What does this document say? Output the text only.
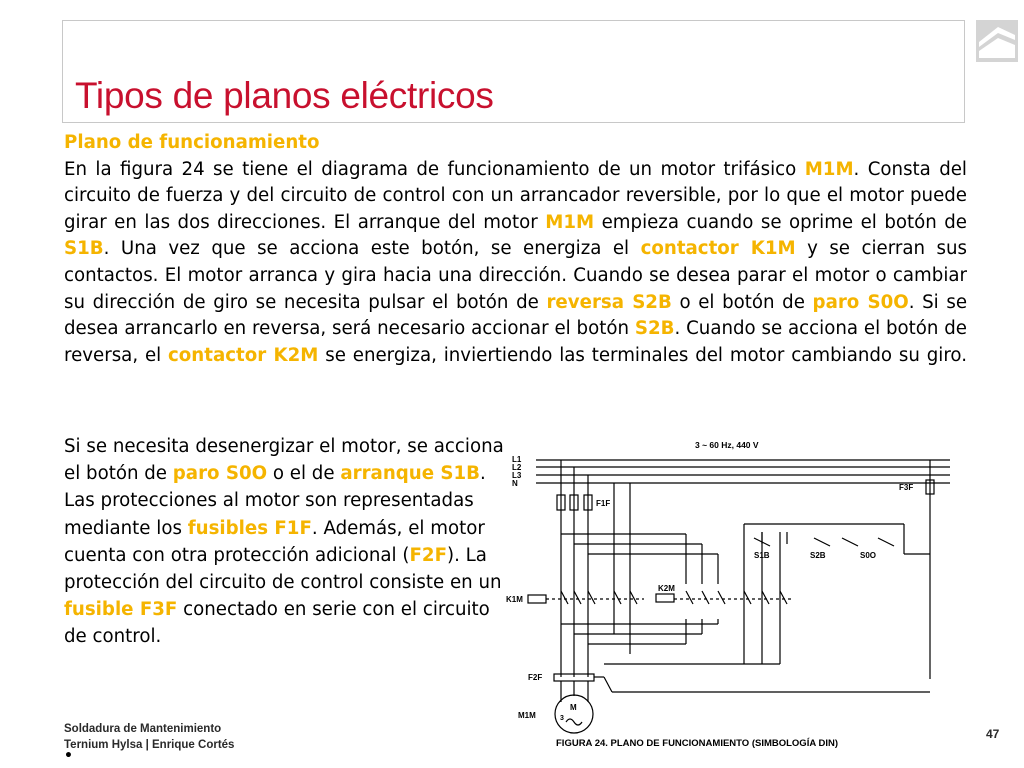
Tipos de planos eléctricos

Plano de funcionamiento

En la figura 24 se tiene el diagrama de funcionamiento de un motor trifásico M1M. Consta del circuito de fuerza y del circuito de control con un arrancador reversible, por lo que el motor puede girar en las dos direcciones. El arranque del motor M1M empieza cuando se oprime el botón de S1B. Una vez que se acciona este botón, se energiza el contactor K1M y se cierran sus contactos. El motor arranca y gira hacia una dirección. Cuando se desea parar el motor o cambiar su dirección de giro se necesita pulsar el botón de reversa S2B o el botón de paro S0O. Si se desea arrancarlo en reversa, será necesario accionar el botón S2B. Cuando se acciona el botón de reversa, el contactor K2M se energiza, inviertiendo las terminales del motor cambiando su giro.

Si se necesita desenergizar el motor, se acciona el botón de paro S0O o el de arranque S1B. Las protecciones al motor son representadas mediante los fusibles F1F. Además, el motor cuenta con otra protección adicional (F2F). La protección del circuito de control consiste en un fusible F3F conectado en serie con el circuito de control.

3 ~ 60 Hz, 440 V
L1
L2
L3
N
F1F
F3F
S1B	S2B	S0O
K1M
K2M
F2F
M
3
M1M
FIGURA 24. PLANO DE FUNCIONAMIENTO (SIMBOLOGÍA DIN)
Soldadura de Mantenimiento
Ternium Hylsa | Enrique Cortés
47
•
